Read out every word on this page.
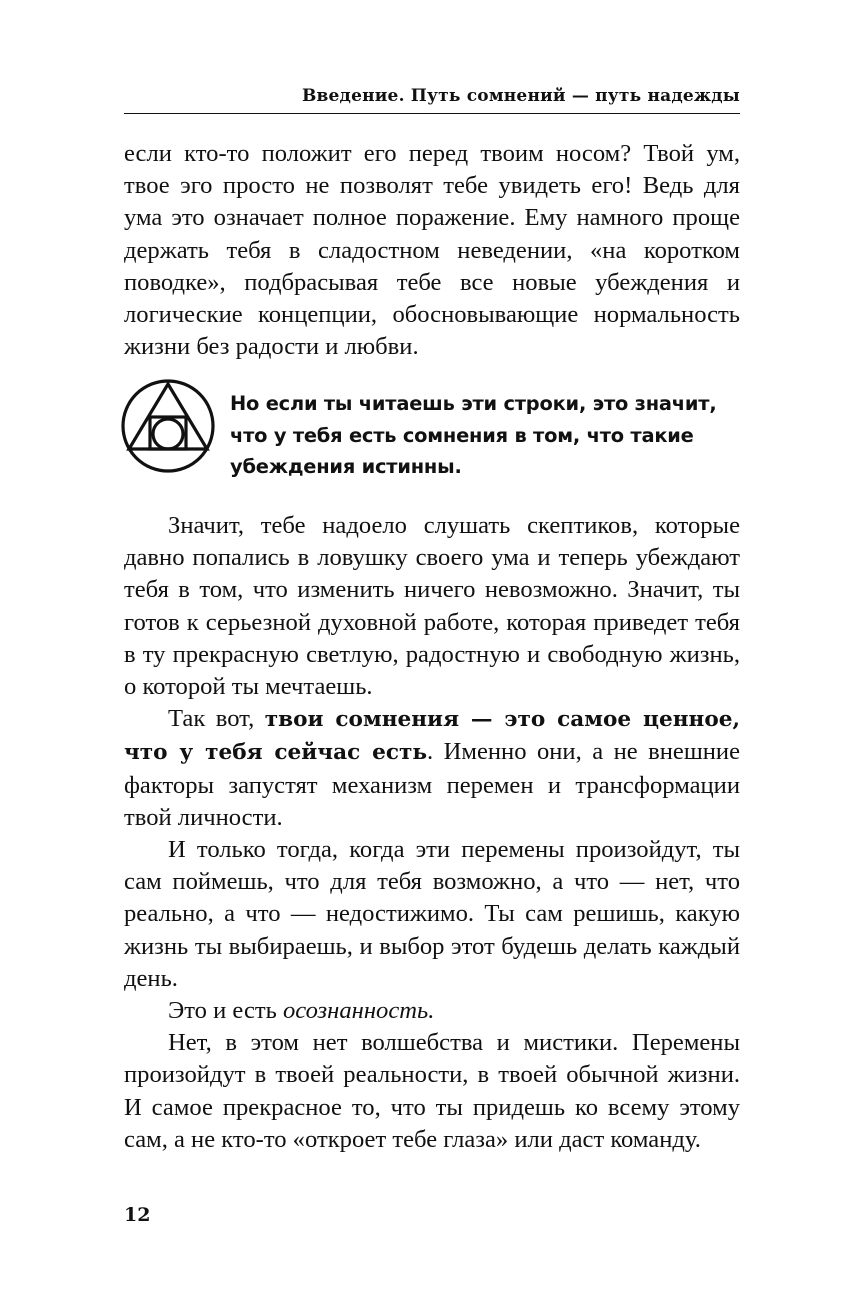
Введение. Путь сомнений — путь надежды

если кто-то положит его перед твоим носом? Твой ум, твое эго просто не позволят тебе увидеть его! Ведь для ума это означает полное поражение. Ему намного проще держать тебя в сладостном неведении, «на коротком поводке», подбрасывая тебе все новые убеждения и логические концепции, обосновывающие нормальность жизни без радости и любви.

Но если ты читаешь эти строки, это значит, что у тебя есть сомнения в том, что такие убеждения истинны.

Значит, тебе надоело слушать скептиков, которые давно попались в ловушку своего ума и теперь убеждают тебя в том, что изменить ничего невозможно. Значит, ты готов к серьезной духовной работе, которая приведет тебя в ту прекрасную светлую, радостную и свободную жизнь, о которой ты мечтаешь.

Так вот, твои сомнения — это самое ценное, что у тебя сейчас есть. Именно они, а не внешние факторы запустят механизм перемен и трансформации твой личности.

И только тогда, когда эти перемены произойдут, ты сам поймешь, что для тебя возможно, а что — нет, что реально, а что — недостижимо. Ты сам решишь, какую жизнь ты выбираешь, и выбор этот будешь делать каждый день.

Это и есть осознанность.

Нет, в этом нет волшебства и мистики. Перемены произойдут в твоей реальности, в твоей обычной жизни. И самое прекрасное то, что ты придешь ко всему этому сам, а не кто-то «откроет тебе глаза» или даст команду.

12
